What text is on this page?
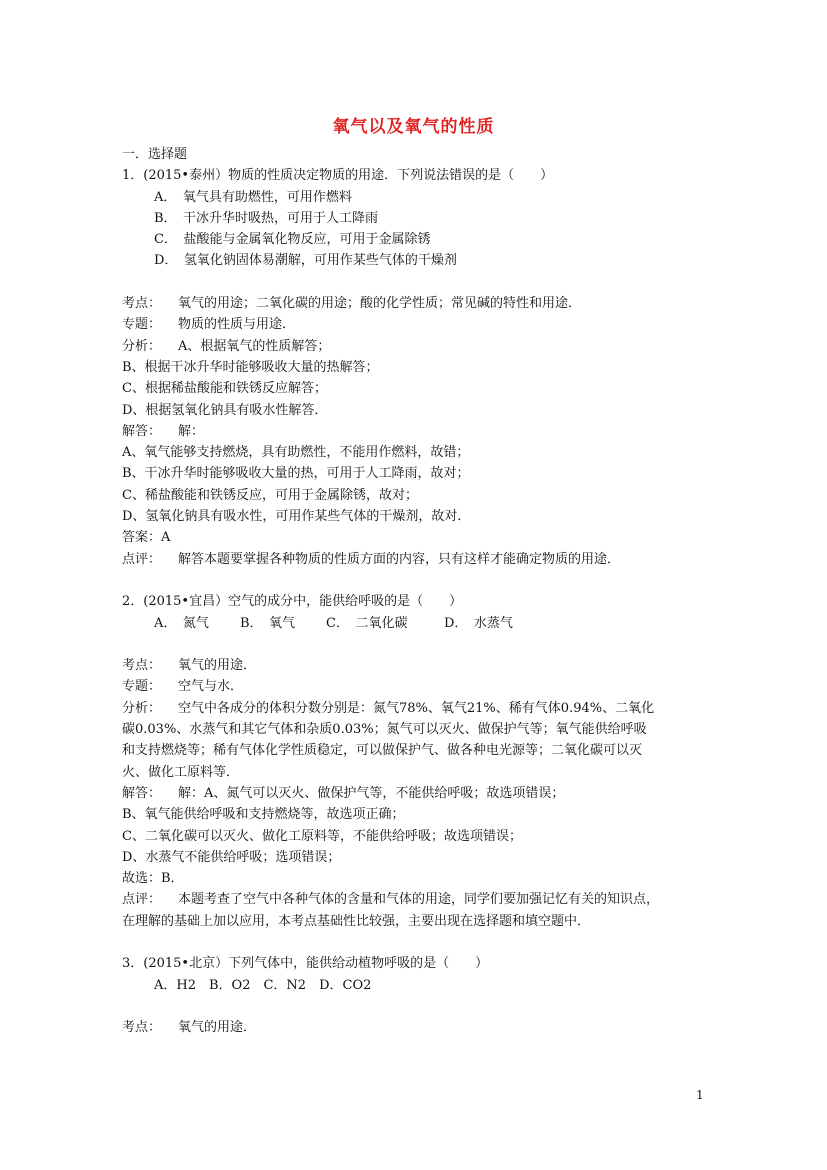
氧气以及氧气的性质
一．选择题
1．(2015•泰州）物质的性质决定物质的用途．下列说法错误的是（　　）
A．　氧气具有助燃性，可用作燃料
B．　干冰升华时吸热，可用于人工降雨
C．　盐酸能与金属氧化物反应，可用于金属除锈
D．　氢氧化钠固体易潮解，可用作某些气体的干燥剂
考点： 氧气的用途；二氧化碳的用途；酸的化学性质；常见碱的特性和用途．
专题： 物质的性质与用途．
分析： A、根据氧气的性质解答；
B、根据干冰升华时能够吸收大量的热解答；
C、根据稀盐酸能和铁锈反应解答；
D、根据氢氧化钠具有吸水性解答．
解答： 解：
A、氧气能够支持燃烧，具有助燃性，不能用作燃料，故错；
B、干冰升华时能够吸收大量的热，可用于人工降雨，故对；
C、稀盐酸能和铁锈反应，可用于金属除锈，故对；
D、氢氧化钠具有吸水性，可用作某些气体的干燥剂，故对．
答案：A
点评： 解答本题要掌握各种物质的性质方面的内容，只有这样才能确定物质的用途．
2．(2015•宜昌）空气的成分中，能供给呼吸的是（　　）
A．　氮气 B．　氧气 C．　二氧化碳	D．　水蒸气
考点： 氧气的用途．
专题： 空气与水．
分析： 空气中各成分的体积分数分别是：氮气78%、氧气21%、稀有气体0.94%、二氧化
碳0.03%、水蒸气和其它气体和杂质0.03%；氮气可以灭火、做保护气等；氧气能供给呼吸
和支持燃烧等；稀有气体化学性质稳定，可以做保护气、做各种电光源等；二氧化碳可以灭
火、做化工原料等．
解答： 解：A、氮气可以灭火、做保护气等，不能供给呼吸；故选项错误；
B、氧气能供给呼吸和支持燃烧等，故选项正确；
C、二氧化碳可以灭火、做化工原料等，不能供给呼吸；故选项错误；
D、水蒸气不能供给呼吸；选项错误；
故选：B．
点评： 本题考查了空气中各种气体的含量和气体的用途，同学们要加强记忆有关的知识点，
在理解的基础上加以应用，本考点基础性比较强，主要出现在选择题和填空题中．
3．(2015•北京）下列气体中，能供给动植物呼吸的是（　　）
A．H2　B．O2　C．N2　D．CO2
考点： 氧气的用途．
1
